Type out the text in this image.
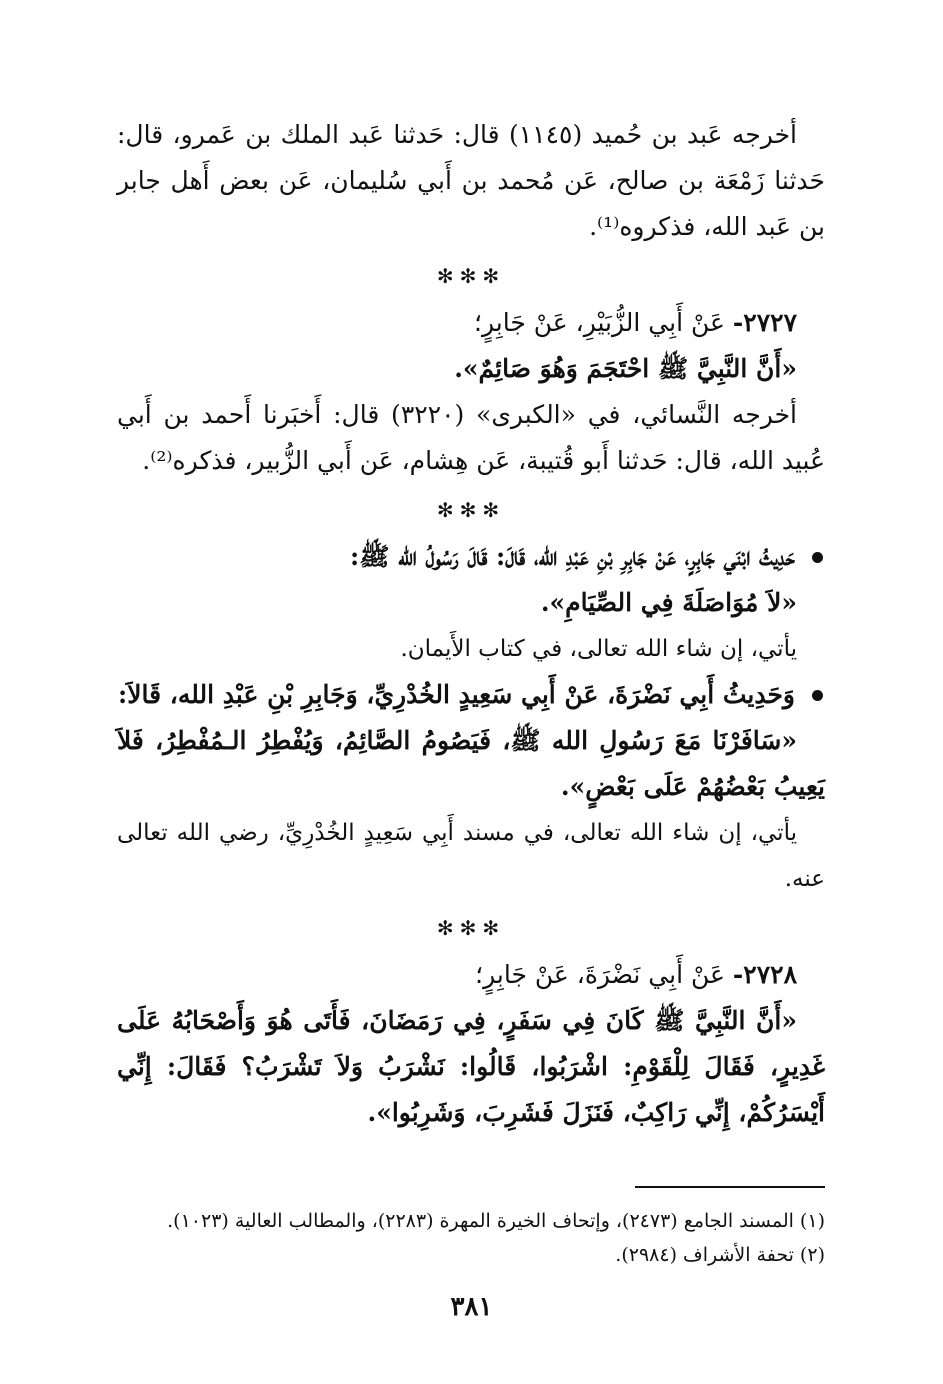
أخرجه عَبد بن حُميد (١١٤٥) قال: حَدثنا عَبد الملك بن عَمرو، قال: حَدثنا زَمْعَة بن صالح، عَن مُحمد بن أَبي سُليمان، عَن بعض أَهل جابر بن عَبد الله، فذكروه⁽¹⁾.

✻✻✻

٢٧٢٧- عَنْ أَبِي الزُّبَيْرِ، عَنْ جَابِرٍ؛

«أَنَّ النَّبِيَّ ﷺ احْتَجَمَ وَهُوَ صَائِمٌ».

أخرجه النَّسائي، في «الكبرى» (٣٢٢٠) قال: أَخبَرنا أَحمد بن أَبي عُبيد الله، قال: حَدثنا أَبو قُتيبة، عَن هِشام، عَن أَبي الزُّبير، فذكره⁽²⁾.

✻✻✻

حَدِيثُ ابْنَي جَابِرٍ، عَنْ جَابِرِ بْنِ عَبْدِ الله، قَالَ: قَالَ رَسُولُ الله ﷺ:

«لاَ مُوَاصَلَةَ فِي الصِّيَامِ».

يأتي، إن شاء الله تعالى، في كتاب الأَيمان.

وَحَدِيثُ أَبِي نَضْرَةَ، عَنْ أَبِي سَعِيدٍ الخُدْرِيِّ، وَجَابِرِ بْنِ عَبْدِ الله، قَالاَ:

«سَافَرْنَا مَعَ رَسُولِ الله ﷺ، فَيَصُومُ الصَّائِمُ، وَيُفْطِرُ الـمُفْطِرُ، فَلاَ يَعِيبُ بَعْضُهُمْ عَلَى بَعْضٍ».

يأتي، إن شاء الله تعالى، في مسند أَبِي سَعِيدٍ الخُدْرِيِّ، رضي الله تعالى عنه.

✻✻✻

٢٧٢٨- عَنْ أَبِي نَضْرَةَ، عَنْ جَابِرٍ؛

«أَنَّ النَّبِيَّ ﷺ كَانَ فِي سَفَرٍ، فِي رَمَضَانَ، فَأَتَى هُوَ وَأَصْحَابُهُ عَلَى غَدِيرٍ، فَقَالَ لِلْقَوْمِ: اشْرَبُوا، قَالُوا: نَشْرَبُ وَلاَ تَشْرَبُ؟ فَقَالَ: إِنِّي أَيْسَرُكُمْ، إِنِّي رَاكِبٌ، فَنَزَلَ فَشَرِبَ، وَشَرِبُوا».

(١) المسند الجامع (٢٤٧٣)، وإتحاف الخيرة المهرة (٢٢٨٣)، والمطالب العالية (١٠٢٣).
(٢) تحفة الأشراف (٢٩٨٤).
٣٨١
